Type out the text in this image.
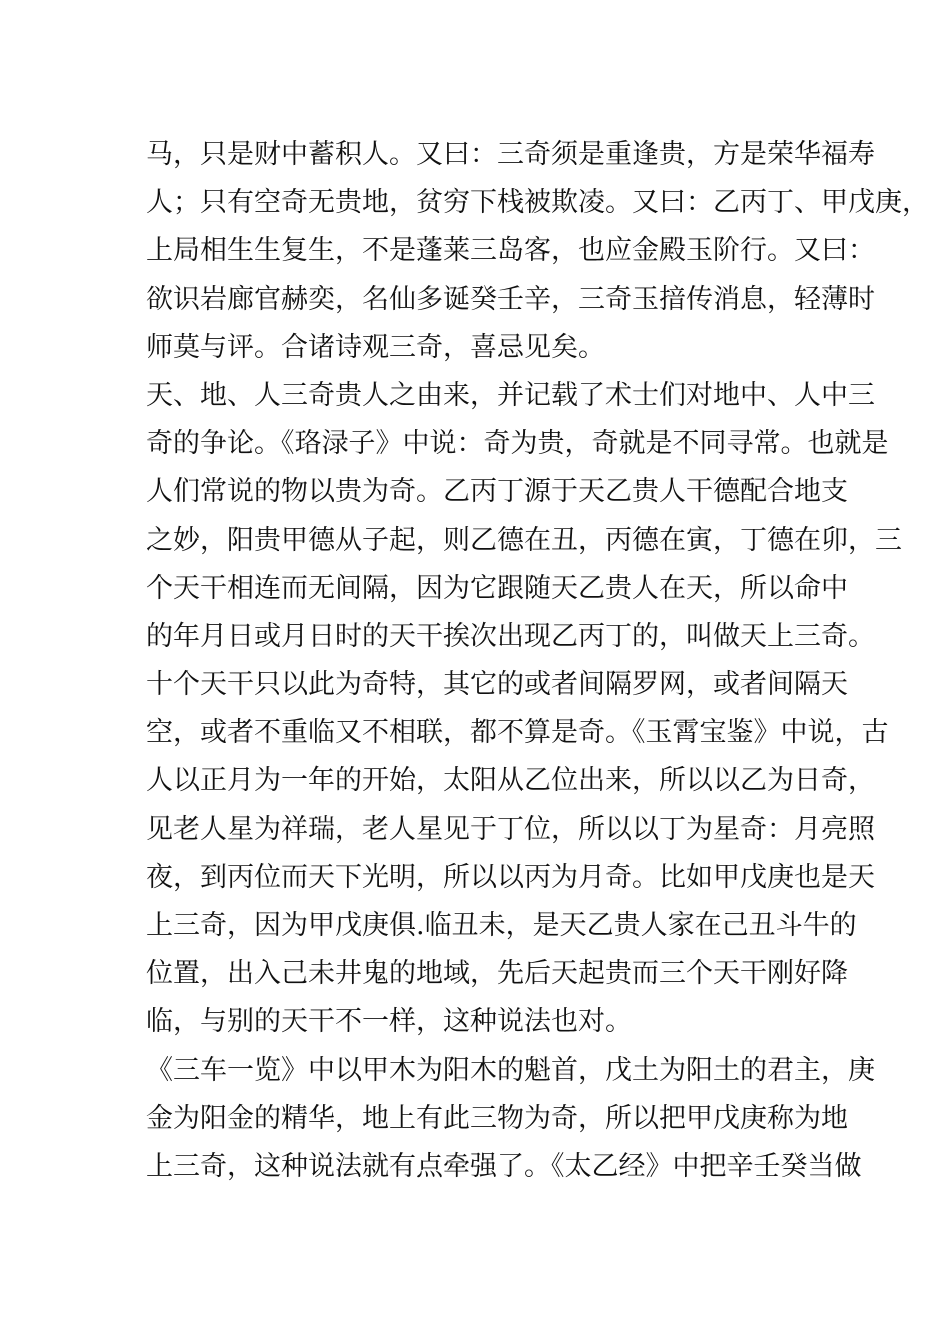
马，只是财中蓄积人。又曰：三奇须是重逢贵，方是荣华福寿
人；只有空奇无贵地，贫穷下栈被欺凌。又曰：乙丙丁、甲戊庚，
上局相生生复生，不是蓬莱三岛客，也应金殿玉阶行。又曰：
欲识岩廊官赫奕，名仙多诞癸壬辛，三奇玉揞传消息，轻薄时
师莫与评。合诸诗观三奇，喜忌见矣。
天、地、人三奇贵人之由来，并记载了术士们对地中、人中三
奇的争论。《珞渌子》中说：奇为贵，奇就是不同寻常。也就是
人们常说的物以贵为奇。乙丙丁源于天乙贵人干德配合地支
之妙，阳贵甲德从子起，则乙德在丑，丙德在寅，丁德在卯，三
个天干相连而无间隔，因为它跟随天乙贵人在天，所以命中
的年月日或月日时的天干挨次出现乙丙丁的，叫做天上三奇。
十个天干只以此为奇特，其它的或者间隔罗网，或者间隔天
空，或者不重临又不相联，都不算是奇。《玉霄宝鉴》中说，古
人以正月为一年的开始，太阳从乙位出来，所以以乙为日奇，
见老人星为祥瑞，老人星见于丁位，所以以丁为星奇：月亮照
夜，到丙位而天下光明，所以以丙为月奇。比如甲戊庚也是天
上三奇，因为甲戊庚俱.临丑未，是天乙贵人家在己丑斗牛的
位置，出入己未井鬼的地域，先后天起贵而三个天干刚好降
临，与别的天干不一样，这种说法也对。
《三车一览》中以甲木为阳木的魁首，戊土为阳土的君主，庚
金为阳金的精华，地上有此三物为奇，所以把甲戊庚称为地
上三奇，这种说法就有点牵强了。《太乙经》中把辛壬癸当做
